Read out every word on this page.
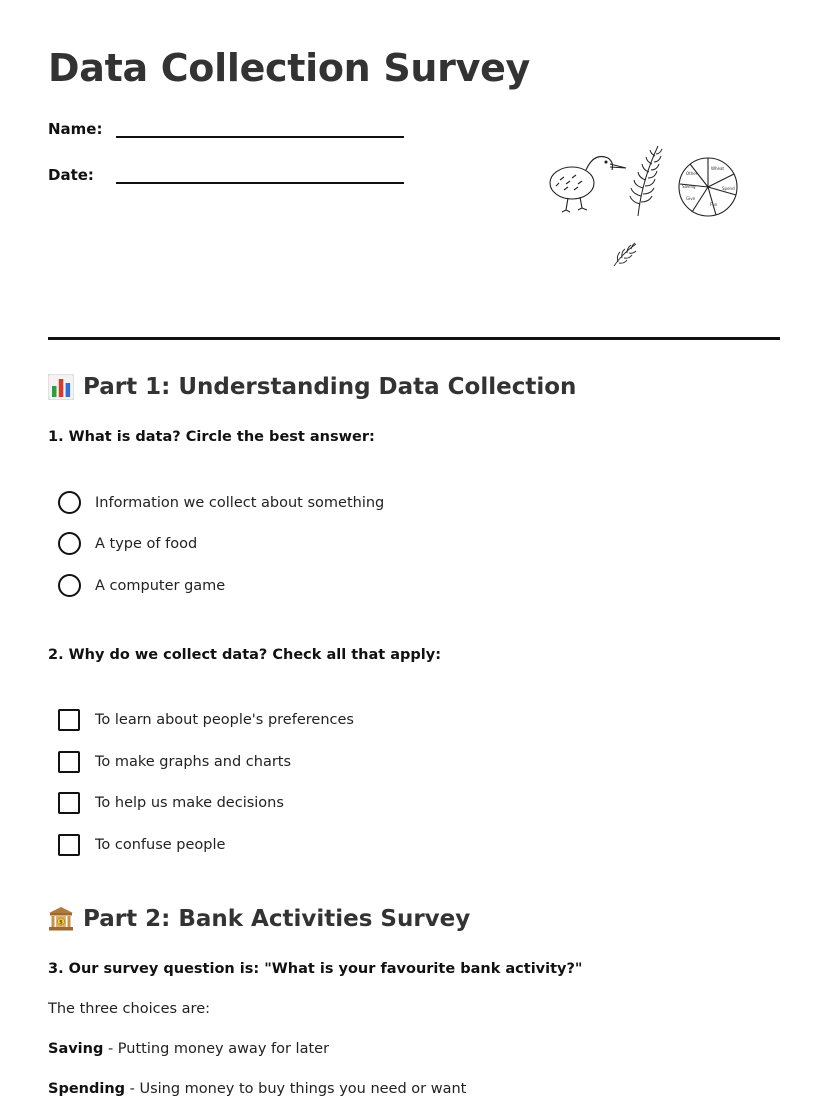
Data Collection Survey
Name:
Date:	Wheat
Other
Saving	Spend
Give
Fun
Part 1: Understanding Data Collection

1. What is data? Circle the best answer:

Information we collect about something
A type of food
A computer game

2. Why do we collect data? Check all that apply:

To learn about people's preferences
To make graphs and charts
To help us make decisions
To confuse people
$ Part 2: Bank Activities Survey

3. Our survey question is: "What is your favourite bank activity?"

The three choices are:

Saving - Putting money away for later

Spending - Using money to buy things you need or want
